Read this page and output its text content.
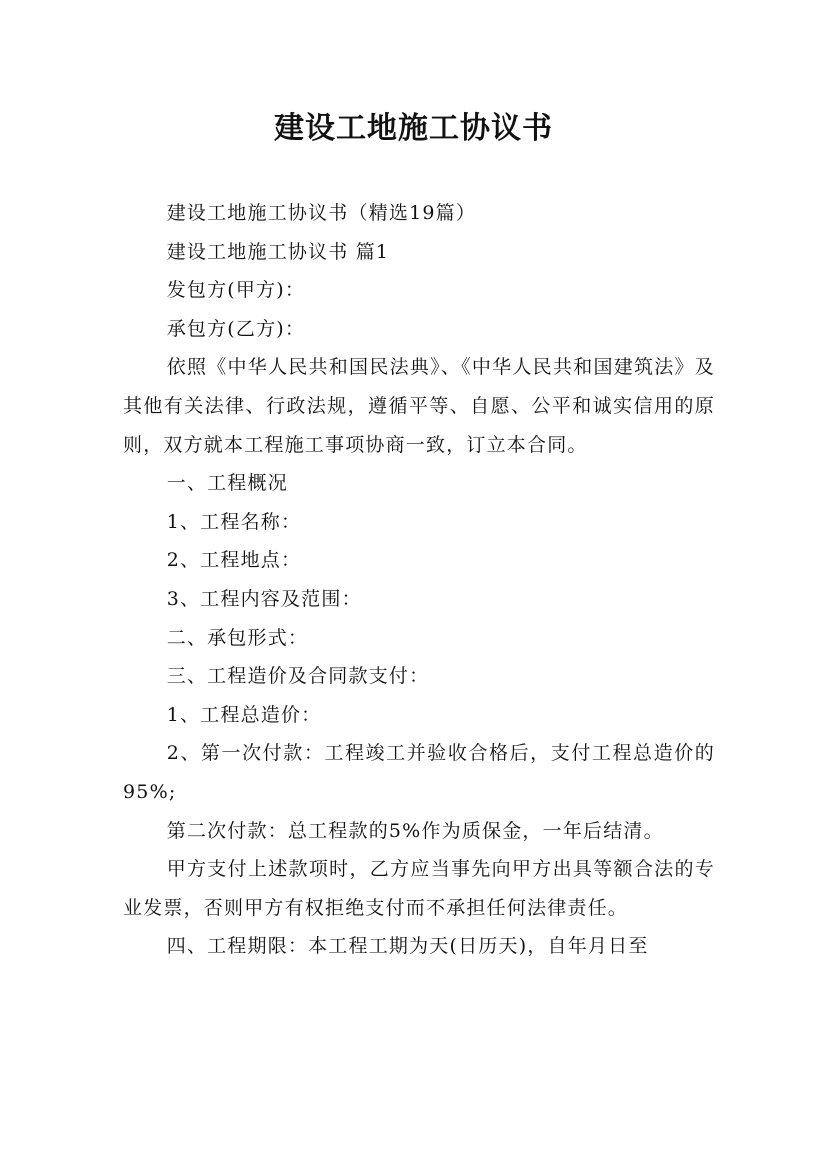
建设工地施工协议书

建设工地施工协议书（精选19篇）

建设工地施工协议书 篇1

发包方(甲方)：

承包方(乙方)：

依照《中华人民共和国民法典》、《中华人民共和国建筑法》及其他有关法律、行政法规，遵循平等、自愿、公平和诚实信用的原则，双方就本工程施工事项协商一致，订立本合同。

一、工程概况

1、工程名称：

2、工程地点：

3、工程内容及范围：

二、承包形式：

三、工程造价及合同款支付：

1、工程总造价：

2、第一次付款：工程竣工并验收合格后，支付工程总造价的95%;

第二次付款：总工程款的5%作为质保金，一年后结清。

甲方支付上述款项时，乙方应当事先向甲方出具等额合法的专业发票，否则甲方有权拒绝支付而不承担任何法律责任。

四、工程期限：本工程工期为天(日历天)，自年月日至
